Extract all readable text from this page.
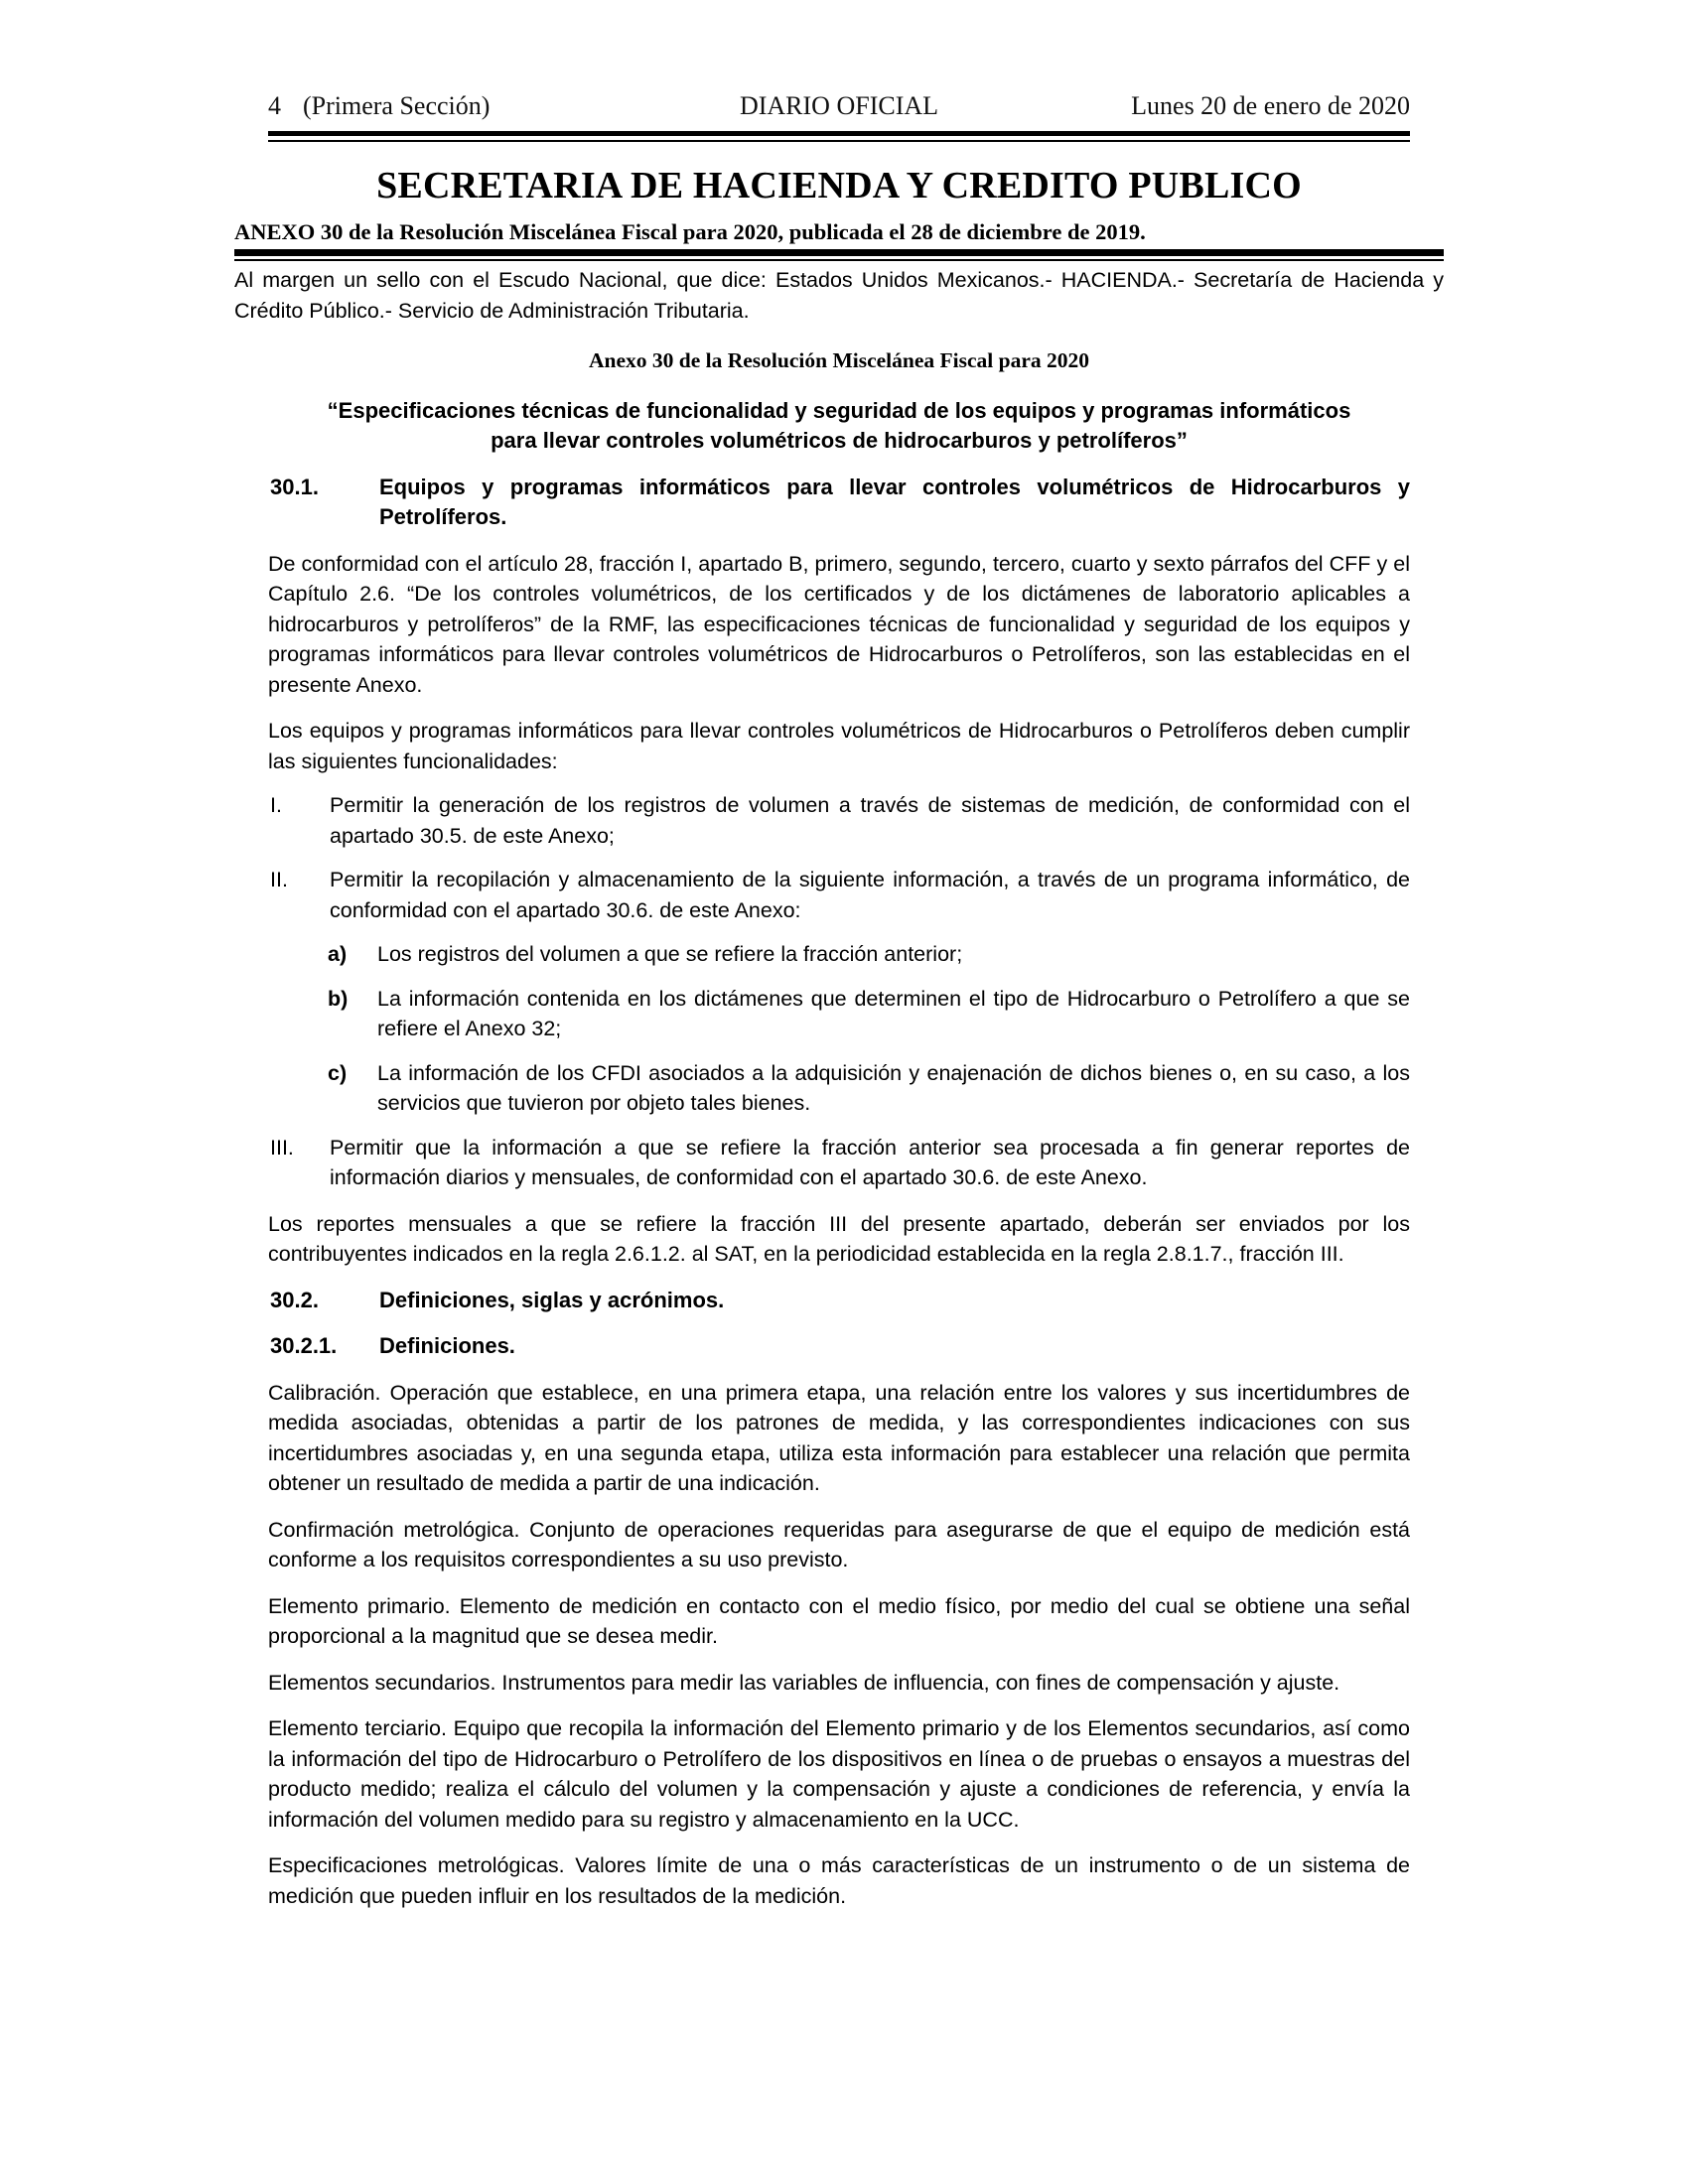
4 (Primera Sección)	DIARIO OFICIAL	Lunes 20 de enero de 2020
SECRETARIA DE HACIENDA Y CREDITO PUBLICO
ANEXO 30 de la Resolución Miscelánea Fiscal para 2020, publicada el 28 de diciembre de 2019.
Al margen un sello con el Escudo Nacional, que dice: Estados Unidos Mexicanos.- HACIENDA.- Secretaría de Hacienda y Crédito Público.- Servicio de Administración Tributaria.
Anexo 30 de la Resolución Miscelánea Fiscal para 2020
“Especificaciones técnicas de funcionalidad y seguridad de los equipos y programas informáticos
para llevar controles volumétricos de hidrocarburos y petrolíferos”
30.1.	Equipos y programas informáticos para llevar controles volumétricos de Hidrocarburos y Petrolíferos.

De conformidad con el artículo 28, fracción I, apartado B, primero, segundo, tercero, cuarto y sexto párrafos del CFF y el Capítulo 2.6. “De los controles volumétricos, de los certificados y de los dictámenes de laboratorio aplicables a hidrocarburos y petrolíferos” de la RMF, las especificaciones técnicas de funcionalidad y seguridad de los equipos y programas informáticos para llevar controles volumétricos de Hidrocarburos o Petrolíferos, son las establecidas en el presente Anexo.

Los equipos y programas informáticos para llevar controles volumétricos de Hidrocarburos o Petrolíferos deben cumplir las siguientes funcionalidades:

I.	Permitir la generación de los registros de volumen a través de sistemas de medición, de conformidad con el apartado 30.5. de este Anexo;
II.	Permitir la recopilación y almacenamiento de la siguiente información, a través de un programa informático, de conformidad con el apartado 30.6. de este Anexo:
a)	Los registros del volumen a que se refiere la fracción anterior;
b)	La información contenida en los dictámenes que determinen el tipo de Hidrocarburo o Petrolífero a que se refiere el Anexo 32;
c)	La información de los CFDI asociados a la adquisición y enajenación de dichos bienes o, en su caso, a los servicios que tuvieron por objeto tales bienes.
III.	Permitir que la información a que se refiere la fracción anterior sea procesada a fin generar reportes de información diarios y mensuales, de conformidad con el apartado 30.6. de este Anexo.

Los reportes mensuales a que se refiere la fracción III del presente apartado, deberán ser enviados por los contribuyentes indicados en la regla 2.6.1.2. al SAT, en la periodicidad establecida en la regla 2.8.1.7., fracción III.

30.2.	Definiciones, siglas y acrónimos.
30.2.1.	Definiciones.

Calibración. Operación que establece, en una primera etapa, una relación entre los valores y sus incertidumbres de medida asociadas, obtenidas a partir de los patrones de medida, y las correspondientes indicaciones con sus incertidumbres asociadas y, en una segunda etapa, utiliza esta información para establecer una relación que permita obtener un resultado de medida a partir de una indicación.

Confirmación metrológica. Conjunto de operaciones requeridas para asegurarse de que el equipo de medición está conforme a los requisitos correspondientes a su uso previsto.

Elemento primario. Elemento de medición en contacto con el medio físico, por medio del cual se obtiene una señal proporcional a la magnitud que se desea medir.

Elementos secundarios. Instrumentos para medir las variables de influencia, con fines de compensación y ajuste.

Elemento terciario. Equipo que recopila la información del Elemento primario y de los Elementos secundarios, así como la información del tipo de Hidrocarburo o Petrolífero de los dispositivos en línea o de pruebas o ensayos a muestras del producto medido; realiza el cálculo del volumen y la compensación y ajuste a condiciones de referencia, y envía la información del volumen medido para su registro y almacenamiento en la UCC.

Especificaciones metrológicas. Valores límite de una o más características de un instrumento o de un sistema de medición que pueden influir en los resultados de la medición.
